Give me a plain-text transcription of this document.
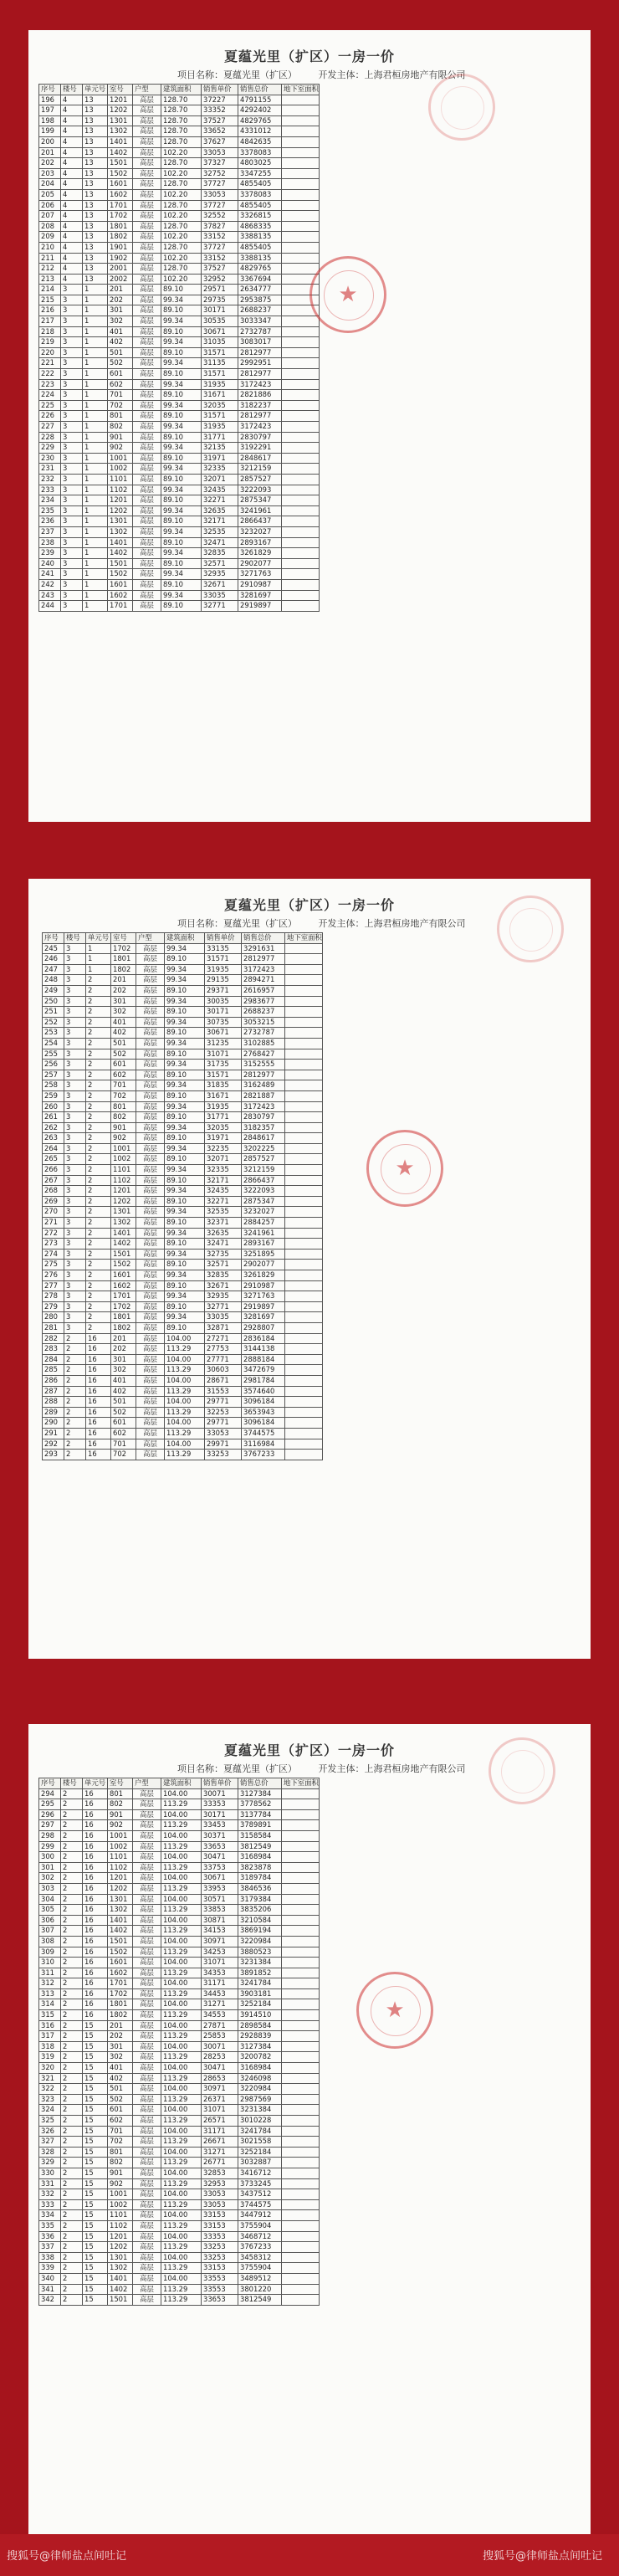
夏蕴光里（扩区）一房一价
项目名称：夏蕴光里（扩区） 开发主体：上海君桓房地产有限公司
序号	楼号	单元号	室号	户型	建筑面积	销售单价	销售总价	地下室面积
196	4	13	1201	高层	128.70	37227	4791155	
197	4	13	1202	高层	128.70	33352	4292402	
198	4	13	1301	高层	128.70	37527	4829765	
199	4	13	1302	高层	128.70	33652	4331012	
200	4	13	1401	高层	128.70	37627	4842635	
201	4	13	1402	高层	102.20	33053	3378083	
202	4	13	1501	高层	128.70	37327	4803025	
203	4	13	1502	高层	102.20	32752	3347255	
204	4	13	1601	高层	128.70	37727	4855405	
205	4	13	1602	高层	102.20	33053	3378083	
206	4	13	1701	高层	128.70	37727	4855405	
207	4	13	1702	高层	102.20	32552	3326815	
208	4	13	1801	高层	128.70	37827	4868335	
209	4	13	1802	高层	102.20	33152	3388135	
210	4	13	1901	高层	128.70	37727	4855405	
211	4	13	1902	高层	102.20	33152	3388135	
212	4	13	2001	高层	128.70	37527	4829765	
213	4	13	2002	高层	102.20	32952	3367694	
214	3	1	201	高层	89.10	29571	2634777	
215	3	1	202	高层	99.34	29735	2953875	
216	3	1	301	高层	89.10	30171	2688237	
217	3	1	302	高层	99.34	30535	3033347	
218	3	1	401	高层	89.10	30671	2732787	
219	3	1	402	高层	99.34	31035	3083017	
220	3	1	501	高层	89.10	31571	2812977	
221	3	1	502	高层	99.34	31135	2992951	
222	3	1	601	高层	89.10	31571	2812977	
223	3	1	602	高层	99.34	31935	3172423	
224	3	1	701	高层	89.10	31671	2821886	
225	3	1	702	高层	99.34	32035	3182237	
226	3	1	801	高层	89.10	31571	2812977	
227	3	1	802	高层	99.34	31935	3172423	
228	3	1	901	高层	89.10	31771	2830797	
229	3	1	902	高层	99.34	32135	3192291	
230	3	1	1001	高层	89.10	31971	2848617	
231	3	1	1002	高层	99.34	32335	3212159	
232	3	1	1101	高层	89.10	32071	2857527	
233	3	1	1102	高层	99.34	32435	3222093	
234	3	1	1201	高层	89.10	32271	2875347	
235	3	1	1202	高层	99.34	32635	3241961	
236	3	1	1301	高层	89.10	32171	2866437	
237	3	1	1302	高层	99.34	32535	3232027	
238	3	1	1401	高层	89.10	32471	2893167	
239	3	1	1402	高层	99.34	32835	3261829	
240	3	1	1501	高层	89.10	32571	2902077	
241	3	1	1502	高层	99.34	32935	3271763	
242	3	1	1601	高层	89.10	32671	2910987	
243	3	1	1602	高层	99.34	33035	3281697	
244	3	1	1701	高层	89.10	32771	2919897	
★
夏蕴光里（扩区）一房一价
项目名称：夏蕴光里（扩区） 开发主体：上海君桓房地产有限公司
序号	楼号	单元号	室号	户型	建筑面积	销售单价	销售总价	地下室面积
245	3	1	1702	高层	99.34	33135	3291631	
246	3	1	1801	高层	89.10	31571	2812977	
247	3	1	1802	高层	99.34	31935	3172423	
248	3	2	201	高层	99.34	29135	2894271	
249	3	2	202	高层	89.10	29371	2616957	
250	3	2	301	高层	99.34	30035	2983677	
251	3	2	302	高层	89.10	30171	2688237	
252	3	2	401	高层	99.34	30735	3053215	
253	3	2	402	高层	89.10	30671	2732787	
254	3	2	501	高层	99.34	31235	3102885	
255	3	2	502	高层	89.10	31071	2768427	
256	3	2	601	高层	99.34	31735	3152555	
257	3	2	602	高层	89.10	31571	2812977	
258	3	2	701	高层	99.34	31835	3162489	
259	3	2	702	高层	89.10	31671	2821887	
260	3	2	801	高层	99.34	31935	3172423	
261	3	2	802	高层	89.10	31771	2830797	
262	3	2	901	高层	99.34	32035	3182357	
263	3	2	902	高层	89.10	31971	2848617	
264	3	2	1001	高层	99.34	32235	3202225	
265	3	2	1002	高层	89.10	32071	2857527	
266	3	2	1101	高层	99.34	32335	3212159	
267	3	2	1102	高层	89.10	32171	2866437	
268	3	2	1201	高层	99.34	32435	3222093	
269	3	2	1202	高层	89.10	32271	2875347	
270	3	2	1301	高层	99.34	32535	3232027	
271	3	2	1302	高层	89.10	32371	2884257	
272	3	2	1401	高层	99.34	32635	3241961	
273	3	2	1402	高层	89.10	32471	2893167	
274	3	2	1501	高层	99.34	32735	3251895	
275	3	2	1502	高层	89.10	32571	2902077	
276	3	2	1601	高层	99.34	32835	3261829	
277	3	2	1602	高层	89.10	32671	2910987	
278	3	2	1701	高层	99.34	32935	3271763	
279	3	2	1702	高层	89.10	32771	2919897	
280	3	2	1801	高层	99.34	33035	3281697	
281	3	2	1802	高层	89.10	32871	2928807	
282	2	16	201	高层	104.00	27271	2836184	
283	2	16	202	高层	113.29	27753	3144138	
284	2	16	301	高层	104.00	27771	2888184	
285	2	16	302	高层	113.29	30603	3472679	
286	2	16	401	高层	104.00	28671	2981784	
287	2	16	402	高层	113.29	31553	3574640	
288	2	16	501	高层	104.00	29771	3096184	
289	2	16	502	高层	113.29	32253	3653943	
290	2	16	601	高层	104.00	29771	3096184	
291	2	16	602	高层	113.29	33053	3744575	
292	2	16	701	高层	104.00	29971	3116984	
293	2	16	702	高层	113.29	33253	3767233	
★
夏蕴光里（扩区）一房一价
项目名称：夏蕴光里（扩区） 开发主体：上海君桓房地产有限公司
序号	楼号	单元号	室号	户型	建筑面积	销售单价	销售总价	地下室面积
294	2	16	801	高层	104.00	30071	3127384	
295	2	16	802	高层	113.29	33353	3778562	
296	2	16	901	高层	104.00	30171	3137784	
297	2	16	902	高层	113.29	33453	3789891	
298	2	16	1001	高层	104.00	30371	3158584	
299	2	16	1002	高层	113.29	33653	3812549	
300	2	16	1101	高层	104.00	30471	3168984	
301	2	16	1102	高层	113.29	33753	3823878	
302	2	16	1201	高层	104.00	30671	3189784	
303	2	16	1202	高层	113.29	33953	3846536	
304	2	16	1301	高层	104.00	30571	3179384	
305	2	16	1302	高层	113.29	33853	3835206	
306	2	16	1401	高层	104.00	30871	3210584	
307	2	16	1402	高层	113.29	34153	3869194	
308	2	16	1501	高层	104.00	30971	3220984	
309	2	16	1502	高层	113.29	34253	3880523	
310	2	16	1601	高层	104.00	31071	3231384	
311	2	16	1602	高层	113.29	34353	3891852	
312	2	16	1701	高层	104.00	31171	3241784	
313	2	16	1702	高层	113.29	34453	3903181	
314	2	16	1801	高层	104.00	31271	3252184	
315	2	16	1802	高层	113.29	34553	3914510	
316	2	15	201	高层	104.00	27871	2898584	
317	2	15	202	高层	113.29	25853	2928839	
318	2	15	301	高层	104.00	30071	3127384	
319	2	15	302	高层	113.29	28253	3200782	
320	2	15	401	高层	104.00	30471	3168984	
321	2	15	402	高层	113.29	28653	3246098	
322	2	15	501	高层	104.00	30971	3220984	
323	2	15	502	高层	113.29	26371	2987569	
324	2	15	601	高层	104.00	31071	3231384	
325	2	15	602	高层	113.29	26571	3010228	
326	2	15	701	高层	104.00	31171	3241784	
327	2	15	702	高层	113.29	26671	3021558	
328	2	15	801	高层	104.00	31271	3252184	
329	2	15	802	高层	113.29	26771	3032887	
330	2	15	901	高层	104.00	32853	3416712	
331	2	15	902	高层	113.29	32953	3733245	
332	2	15	1001	高层	104.00	33053	3437512	
333	2	15	1002	高层	113.29	33053	3744575	
334	2	15	1101	高层	104.00	33153	3447912	
335	2	15	1102	高层	113.29	33153	3755904	
336	2	15	1201	高层	104.00	33353	3468712	
337	2	15	1202	高层	113.29	33253	3767233	
338	2	15	1301	高层	104.00	33253	3458312	
339	2	15	1302	高层	113.29	33153	3755904	
340	2	15	1401	高层	104.00	33553	3489512	
341	2	15	1402	高层	113.29	33553	3801220	
342	2	15	1501	高层	113.29	33653	3812549	
★
搜狐号@律师盐点间吐记	搜狐号@律师盐点间吐记
